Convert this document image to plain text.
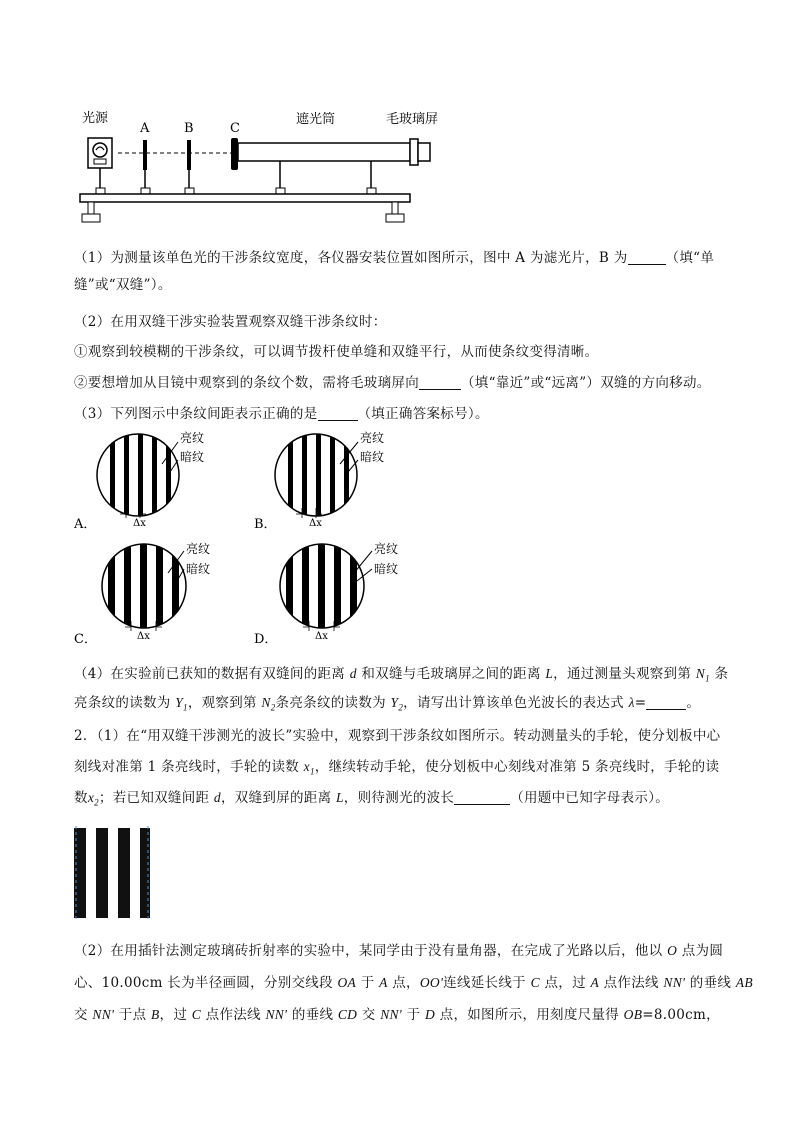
光源
A	B	C
遮光筒	毛玻璃屏
（1）为测量该单色光的干涉条纹宽度，各仪器安装位置如图所示，图中 A 为滤光片，B 为	（填“单
缝”或“双缝”）。
（2）在用双缝干涉实验装置观察双缝干涉条纹时：
①观察到较模糊的干涉条纹，可以调节拨杆使单缝和双缝平行，从而使条纹变得清晰。
②要想增加从目镜中观察到的条纹个数，需将毛玻璃屏向	（填“靠近”或“远离”）双缝的方向移动。
（3）下列图示中条纹间距表示正确的是	（填正确答案标号）。
亮纹
暗纹
Δx
A．
亮纹
暗纹
Δx
B．
亮纹
暗纹
Δx
C．
亮纹
暗纹
Δx
D．
（4）在实验前已获知的数据有双缝间的距离 d 和双缝与毛玻璃屏之间的距离 L，通过测量头观察到第 $N_1$ 条
亮条纹的读数为 $Y_1$，观察到第 $N_2$条亮条纹的读数为 $Y_2$，请写出计算该单色光波长的表达式 λ=	。
2．（1）在“用双缝干涉测光的波长”实验中，观察到干涉条纹如图所示。转动测量头的手轮，使分划板中心
刻线对准第 1 条亮线时，手轮的读数 $x_1$，继续转动手轮，使分划板中心刻线对准第 5 条亮线时，手轮的读
数$x_2$；若已知双缝间距 d，双缝到屏的距离 L，则待测光的波长	（用题中已知字母表示）。
（2）在用插针法测定玻璃砖折射率的实验中，某同学由于没有量角器，在完成了光路以后，他以 O 点为圆
心、10.00cm 长为半径画圆，分别交线段 OA 于 A 点，OO'连线延长线于 C 点，过 A 点作法线 NN' 的垂线 AB
交 NN' 于点 B，过 C 点作法线 NN' 的垂线 CD 交 NN' 于 D 点，如图所示，用刻度尺量得 OB=8.00cm，
